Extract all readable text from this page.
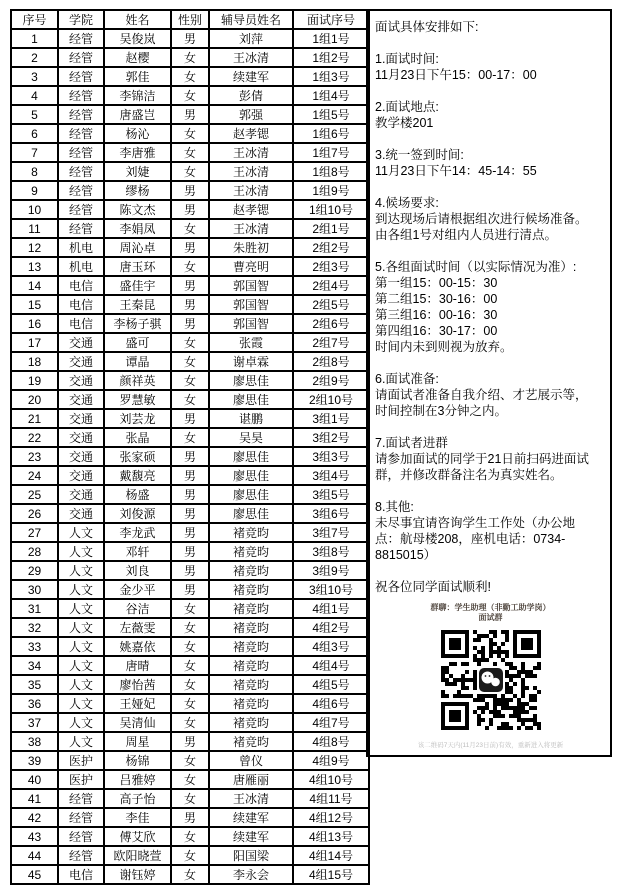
序号	学院	姓名	性别	辅导员姓名	面试序号
1	经管	吴俊岚	男	刘萍	1组1号
2	经管	赵樱	女	王冰清	1组2号
3	经管	郭佳	女	续建军	1组3号
4	经管	李锦洁	女	彭倩	1组4号
5	经管	唐盛岂	男	郭强	1组5号
6	经管	杨沁	女	赵孝锶	1组6号
7	经管	李唐雅	女	王冰清	1组7号
8	经管	刘婕	女	王冰清	1组8号
9	经管	缪杨	男	王冰清	1组9号
10	经管	陈文杰	男	赵孝锶	1组10号
11	经管	李娟凤	女	王冰清	2组1号
12	机电	周沁卓	男	朱胜初	2组2号
13	机电	唐玉环	女	曹亮明	2组3号
14	电信	盛佳宇	男	郭国智	2组4号
15	电信	王秦昆	男	郭国智	2组5号
16	电信	李杨子骐	男	郭国智	2组6号
17	交通	盛可	女	张霞	2组7号
18	交通	谭晶	女	谢卓霖	2组8号
19	交通	颜祥英	女	廖思佳	2组9号
20	交通	罗慧敏	女	廖思佳	2组10号
21	交通	刘芸龙	男	谌鹏	3组1号
22	交通	张晶	女	吴昊	3组2号
23	交通	张家硕	男	廖思佳	3组3号
24	交通	戴馥亮	男	廖思佳	3组4号
25	交通	杨盛	男	廖思佳	3组5号
26	交通	刘俊源	男	廖思佳	3组6号
27	人文	李龙武	男	褚竞昀	3组7号
28	人文	邓轩	男	褚竞昀	3组8号
29	人文	刘良	男	褚竞昀	3组9号
30	人文	金少平	男	褚竞昀	3组10号
31	人文	谷洁	女	褚竞昀	4组1号
32	人文	左薇雯	女	褚竞昀	4组2号
33	人文	姚嘉依	女	褚竞昀	4组3号
34	人文	唐晴	女	褚竞昀	4组4号
35	人文	廖怡茜	女	褚竞昀	4组5号
36	人文	王娅妃	女	褚竞昀	4组6号
37	人文	吴清仙	女	褚竞昀	4组7号
38	人文	周星	男	褚竞昀	4组8号
39	医护	杨锦	女	曾仪	4组9号
40	医护	吕雅婷	女	唐雁丽	4组10号
41	经管	高子怡	女	王冰清	4组11号
42	经管	李佳	男	续建军	4组12号
43	经管	傅艾欣	女	续建军	4组13号
44	经管	欧阳晓萱	女	阳国梁	4组14号
45	电信	谢钰婷	女	李永会	4组15号
面试具体安排如下:
1.面试时间:
11月23日下午15：00-17：00
2.面试地点:
教学楼201
3.统一签到时间:
11月23日下午14：45-14：55
4.候场要求:
到达现场后请根据组次进行候场准备。
由各组1号对组内人员进行清点。
5.各组面试时间（以实际情况为准）:
第一组15：00-15：30
第二组15：30-16：00
第三组16：00-16：30
第四组16：30-17：00
时间内未到则视为放弃。
6.面试准备:
请面试者准备自我介绍、才艺展示等，
时间控制在3分钟之内。
7.面试者进群
请参加面试的同学于21日前扫码进面试
群，并修改群备注名为真实姓名。
8.其他:
未尽事宜请咨询学生工作处（办公地
点：航母楼208，座机电话：0734-
8815015）
祝各位同学面试顺利!
群聊：学生助理（非勤工助学岗）
面试群
该二维码7天内(11月23日前)有效，重新进入将更新
